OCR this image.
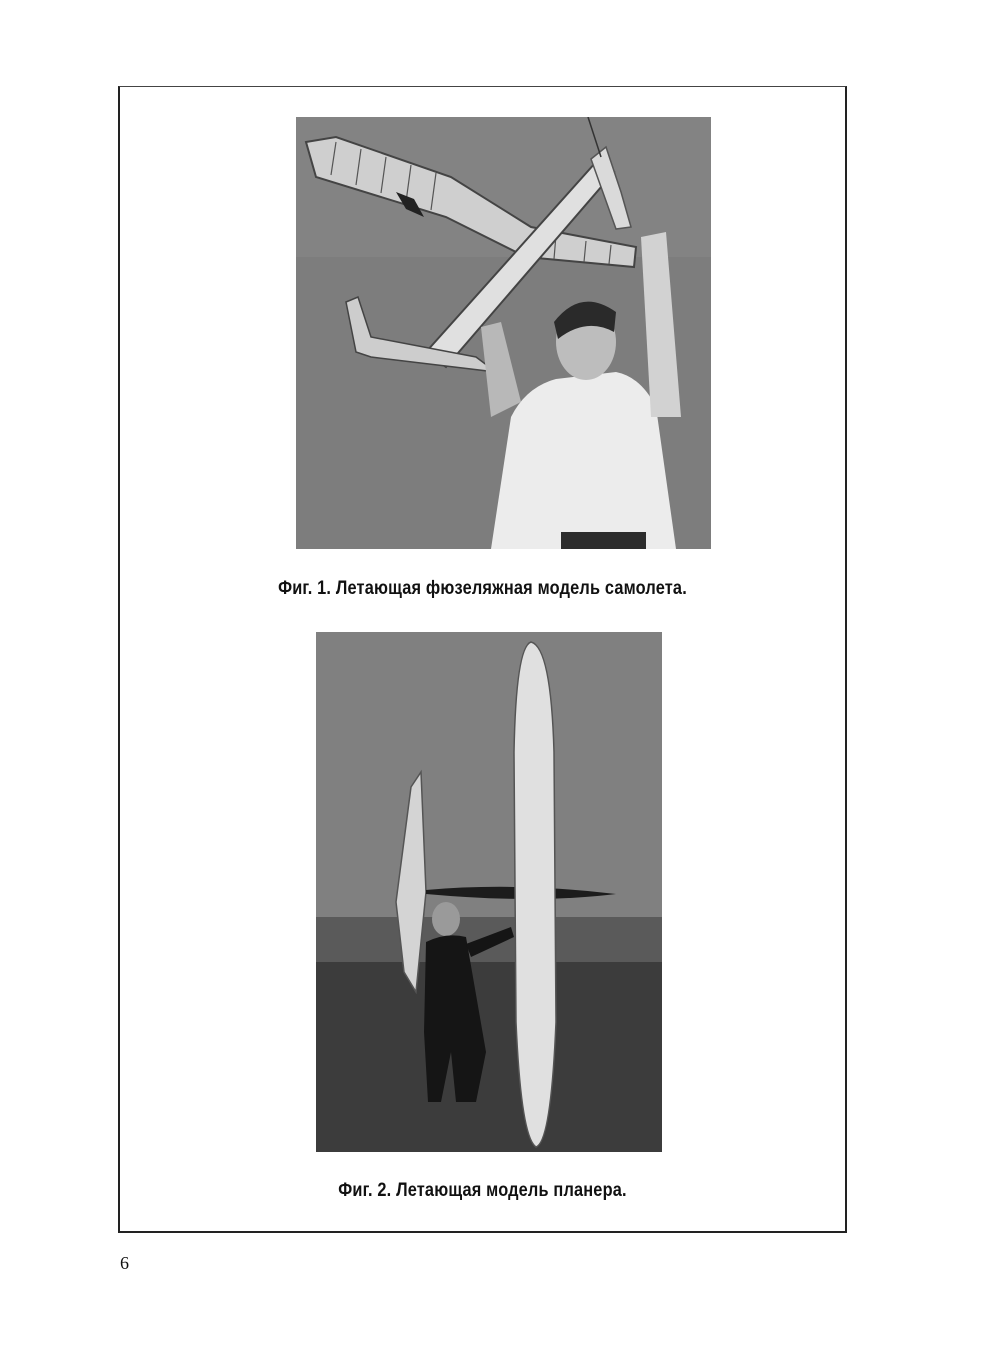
Фиг. 1. Летающая фюзеляжная модель самолета.
Фиг. 2. Летающая модель планера.
6
